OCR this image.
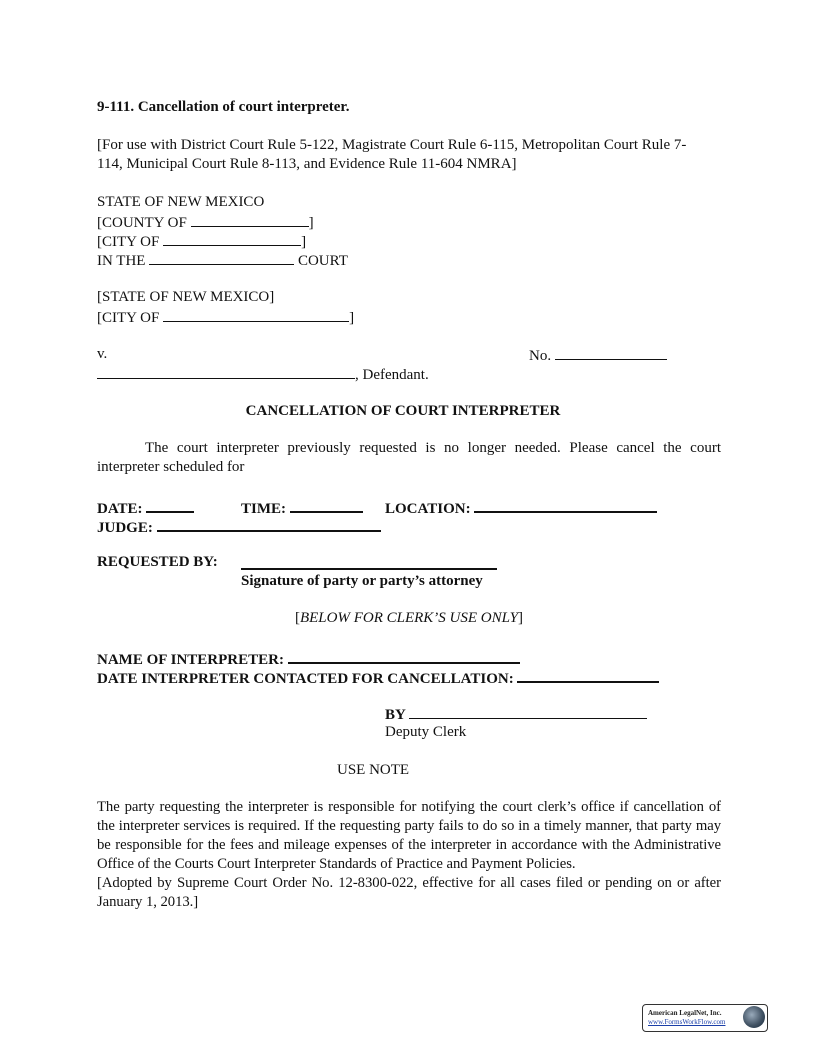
9-111. Cancellation of court interpreter.
[For use with District Court Rule 5-122, Magistrate Court Rule 6-115, Metropolitan Court Rule 7-
114, Municipal Court Rule 8-113, and Evidence Rule 11-604 NMRA]
STATE OF NEW MEXICO
[COUNTY OF	]
[CITY OF	]
IN THE	COURT
[STATE OF NEW MEXICO]
[CITY OF	]
v.	No.
, Defendant.
CANCELLATION OF COURT INTERPRETER
The court interpreter previously requested is no longer needed. Please cancel the court interpreter scheduled for
DATE:	TIME:	LOCATION:
JUDGE:
REQUESTED BY:
Signature of party or party’s attorney
[BELOW FOR CLERK’S USE ONLY]
NAME OF INTERPRETER:
DATE INTERPRETER CONTACTED FOR CANCELLATION:
BY
Deputy Clerk
USE NOTE
The party requesting the interpreter is responsible for notifying the court clerk’s office if cancellation of the interpreter services is required. If the requesting party fails to do so in a timely manner, that party may be responsible for the fees and mileage expenses of the interpreter in accordance with the Administrative Office of the Courts Court Interpreter Standards of Practice and Payment Policies.
[Adopted by Supreme Court Order No. 12-8300-022, effective for all cases filed or pending on or after January 1, 2013.]
American LegalNet, Inc.
www.FormsWorkFlow.com
